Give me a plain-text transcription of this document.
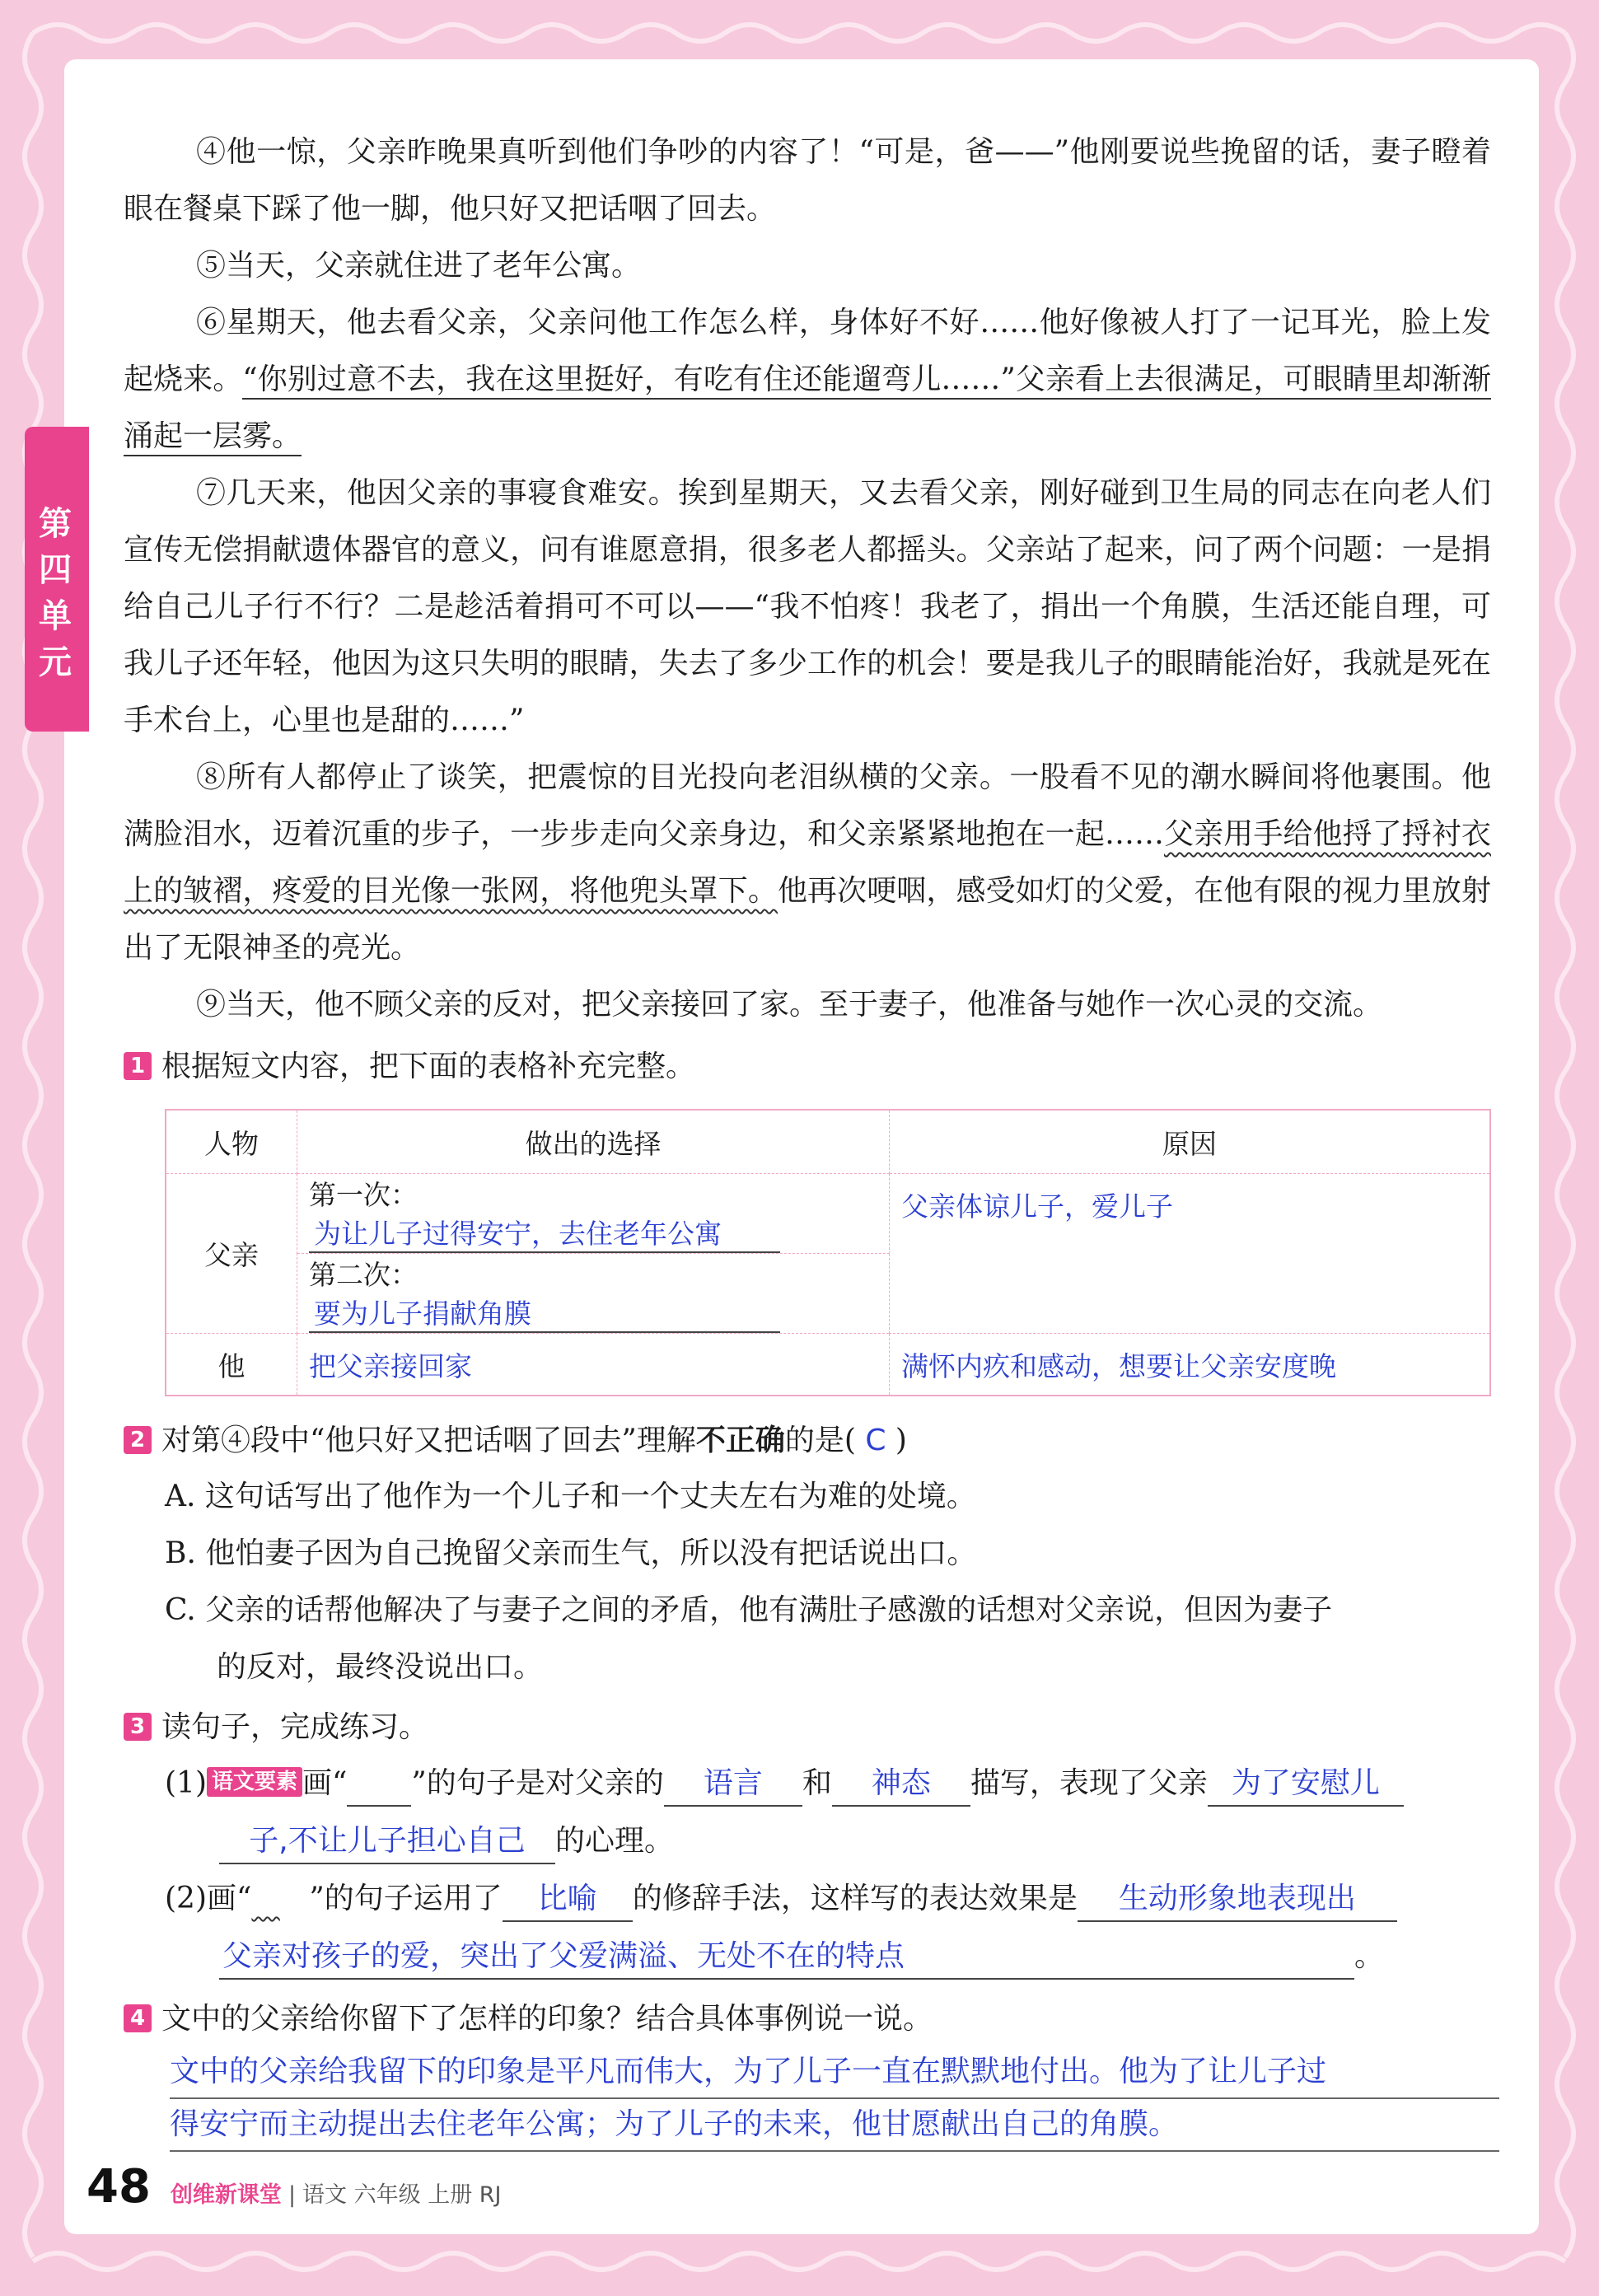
第四单元

④他一惊，父亲昨晚果真听到他们争吵的内容了！“可是，爸——”他刚要说些挽留的话，妻子瞪着眼在餐桌下踩了他一脚，他只好又把话咽了回去。

⑤当天，父亲就住进了老年公寓。

⑥星期天，他去看父亲，父亲问他工作怎么样，身体好不好……他好像被人打了一记耳光，脸上发起烧来。“你别过意不去，我在这里挺好，有吃有住还能遛弯儿……”父亲看上去很满足，可眼睛里却渐渐涌起一层雾。

⑦几天来，他因父亲的事寝食难安。挨到星期天，又去看父亲，刚好碰到卫生局的同志在向老人们宣传无偿捐献遗体器官的意义，问有谁愿意捐，很多老人都摇头。父亲站了起来，问了两个问题：一是捐给自己儿子行不行？二是趁活着捐可不可以——“我不怕疼！我老了，捐出一个角膜，生活还能自理，可我儿子还年轻，他因为这只失明的眼睛，失去了多少工作的机会！要是我儿子的眼睛能治好，我就是死在手术台上，心里也是甜的……”

⑧所有人都停止了谈笑，把震惊的目光投向老泪纵横的父亲。一股看不见的潮水瞬间将他裹围。他满脸泪水，迈着沉重的步子，一步步走向父亲身边，和父亲紧紧地抱在一起……父亲用手给他捋了捋衬衣上的皱褶，疼爱的目光像一张网，将他兜头罩下。他再次哽咽，感受如灯的父爱，在他有限的视力里放射出了无限神圣的亮光。

⑨当天，他不顾父亲的反对，把父亲接回了家。至于妻子，他准备与她作一次心灵的交流。

1 根据短文内容，把下面的表格补充完整。

人物	做出的选择	原因
父亲	第一次：为让儿子过得安宁，去住老年公寓	父亲体谅儿子，爱儿子
	第二次：要为儿子捐献角膜	
他	把父亲接回家	满怀内疚和感动，想要让父亲安度晚

2 对第④段中“他只好又把话咽了回去”理解不正确的是( C )

A. 这句话写出了他作为一个儿子和一个丈夫左右为难的处境。

B. 他怕妻子因为自己挽留父亲而生气，所以没有把话说出口。

C. 父亲的话帮他解决了与妻子之间的矛盾，他有满肚子感激的话想对父亲说，但因为妻子

的反对，最终没说出口。

3 读句子，完成练习。

(1) 语文要素 画“ ”的句子是对父亲的 语言 和 神态 描写，表现了父亲 为了安慰儿

子,不让儿子担心自己 的心理。

(2)画“ ”的句子运用了 比喻 的修辞手法，这样写的表达效果是 生动形象地表现出

父亲对孩子的爱，突出了父爱满溢、无处不在的特点	。

4 文中的父亲给你留下了怎样的印象？结合具体事例说一说。

文中的父亲给我留下的印象是平凡而伟大，为了儿子一直在默默地付出。他为了让儿子过
得安宁而主动提出去住老年公寓；为了儿子的未来，他甘愿献出自己的角膜。
48 创维新课堂 | 语文 六年级 上册 RJ
